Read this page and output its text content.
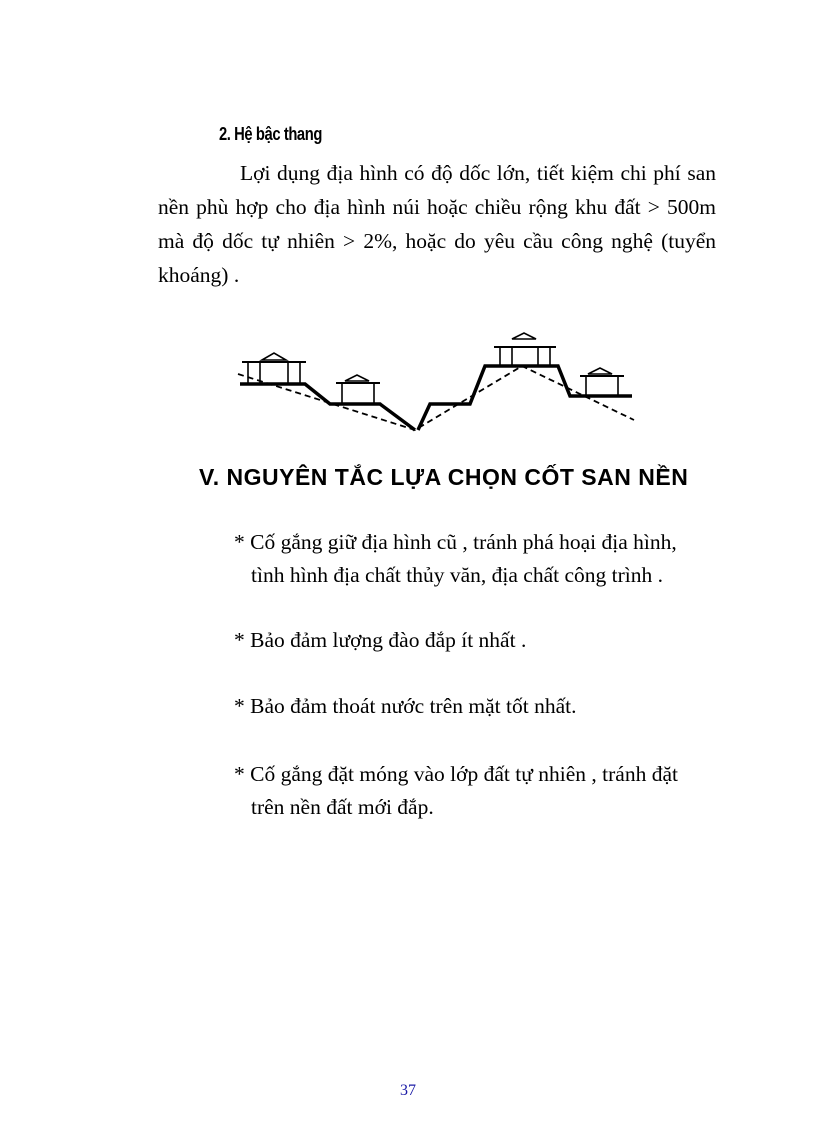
2. Hệ bậc thang

Lợi dụng địa hình có độ dốc lớn, tiết kiệm chi phí san nền phù hợp cho địa hình núi hoặc chiều rộng khu đất > 500m mà độ dốc tự nhiên > 2%, hoặc do yêu cầu công nghệ (tuyển khoáng) .

V. NGUYÊN TẮC LỰA CHỌN CỐT SAN NỀN

* Cố gắng giữ địa hình cũ , tránh phá hoại địa hình,
tình hình địa chất thủy văn, địa chất công trình .

* Bảo đảm lượng đào đắp ít nhất .

* Bảo đảm thoát nước trên mặt tốt nhất.

* Cố gắng đặt móng vào lớp đất tự nhiên , tránh đặt
trên nền đất mới đắp.

37
